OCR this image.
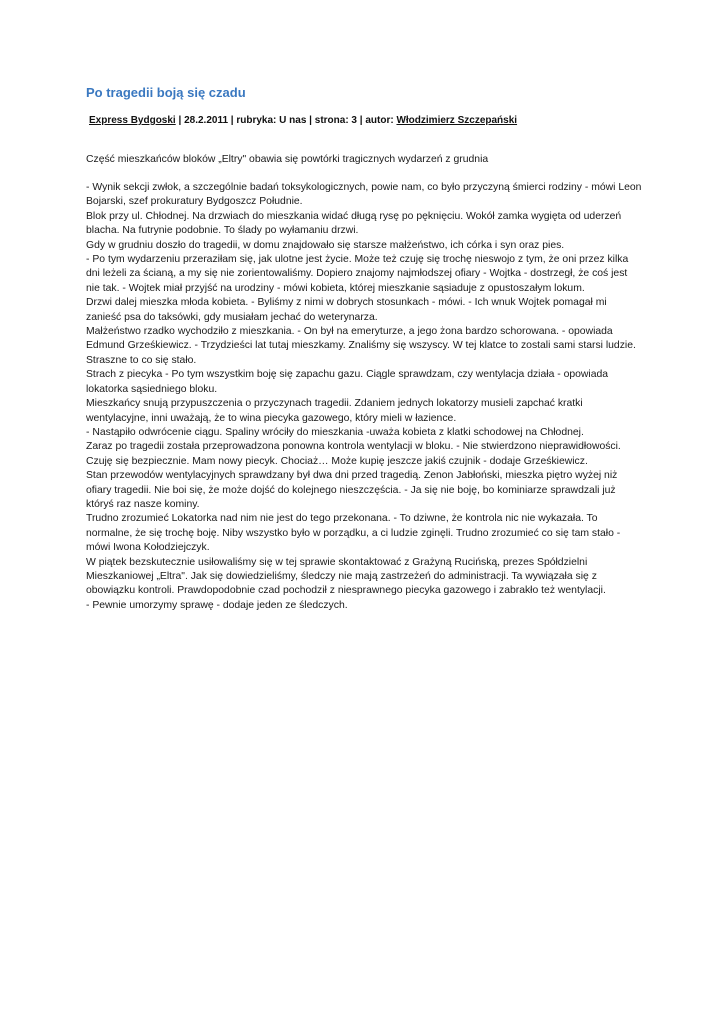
Po tragedii boją się czadu
Express Bydgoski | 28.2.2011 | rubryka: U nas | strona: 3 | autor: Włodzimierz Szczepański

Część mieszkańców bloków „Eltry" obawia się powtórki tragicznych wydarzeń z grudnia

- Wynik sekcji zwłok, a szczególnie badań toksykologicznych, powie nam, co było przyczyną śmierci rodziny - mówi Leon Bojarski, szef prokuratury Bydgoszcz Południe.

Blok przy ul. Chłodnej. Na drzwiach do mieszkania widać długą rysę po pęknięciu. Wokół zamka wygięta od uderzeń blacha. Na futrynie podobnie. To ślady po wyłamaniu drzwi.

Gdy w grudniu doszło do tragedii, w domu znajdowało się starsze małżeństwo, ich córka i syn oraz pies.

- Po tym wydarzeniu przeraziłam się, jak ulotne jest życie. Może też czuję się trochę nieswojo z tym, że oni przez kilka dni leżeli za ścianą, a my się nie zorientowaliśmy. Dopiero znajomy najmłodszej ofiary - Wojtka - dostrzegł, że coś jest nie tak. - Wojtek miał przyjść na urodziny - mówi kobieta, której mieszkanie sąsiaduje z opustoszałym lokum.

Drzwi dalej mieszka młoda kobieta. - Byliśmy z nimi w dobrych stosunkach - mówi. - Ich wnuk Wojtek pomagał mi zanieść psa do taksówki, gdy musiałam jechać do weterynarza.

Małżeństwo rzadko wychodziło z mieszkania. - On był na emeryturze, a jego żona bardzo schorowana. - opowiada Edmund Grześkiewicz. - Trzydzieści lat tutaj mieszkamy. Znaliśmy się wszyscy. W tej klatce to zostali sami starsi ludzie. Straszne to co się stało.

Strach z piecyka - Po tym wszystkim boję się zapachu gazu. Ciągle sprawdzam, czy wentylacja działa - opowiada lokatorka sąsiedniego bloku.

Mieszkańcy snują przypuszczenia o przyczynach tragedii. Zdaniem jednych lokatorzy musieli zapchać kratki wentylacyjne, inni uważają, że to wina piecyka gazowego, który mieli w łazience.

- Nastąpiło odwrócenie ciągu. Spaliny wróciły do mieszkania -uważa kobieta z klatki schodowej na Chłodnej.

Zaraz po tragedii została przeprowadzona ponowna kontrola wentylacji w bloku. - Nie stwierdzono nieprawidłowości. Czuję się bezpiecznie. Mam nowy piecyk. Chociaż… Może kupię jeszcze jakiś czujnik - dodaje Grześkiewicz.

Stan przewodów wentylacyjnych sprawdzany był dwa dni przed tragedią. Zenon Jabłoński, mieszka piętro wyżej niż ofiary tragedii. Nie boi się, że może dojść do kolejnego nieszczęścia. - Ja się nie boję, bo kominiarze sprawdzali już któryś raz nasze kominy.

Trudno zrozumieć Lokatorka nad nim nie jest do tego przekonana. - To dziwne, że kontrola nic nie wykazała. To normalne, że się trochę boję. Niby wszystko było w porządku, a ci ludzie zginęli. Trudno zrozumieć co się tam stało - mówi Iwona Kołodziejczyk.

W piątek bezskutecznie usiłowaliśmy się w tej sprawie skontaktować z Grażyną Rucińską, prezes Spółdzielni Mieszkaniowej „Eltra". Jak się dowiedzieliśmy, śledczy nie mają zastrzeżeń do administracji. Ta wywiązała się z obowiązku kontroli. Prawdopodobnie czad pochodził z niesprawnego piecyka gazowego i zabrakło też wentylacji.

- Pewnie umorzymy sprawę - dodaje jeden ze śledczych.
